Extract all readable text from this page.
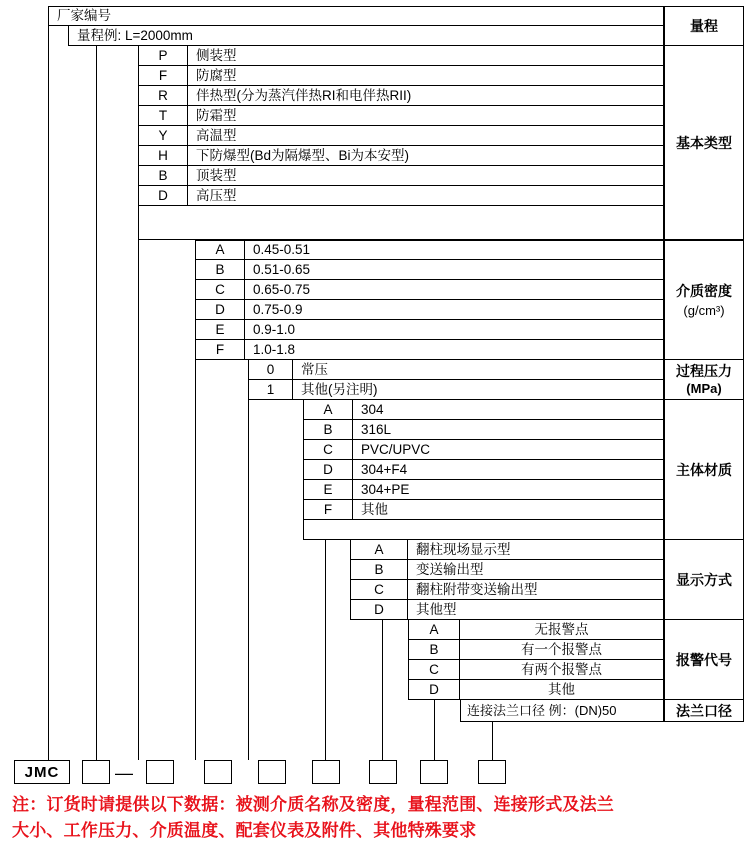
厂家编号
量程例: L=2000mm
量程
P 侧装型
F 防腐型
R 伴热型(分为蒸汽伴热RI和电伴热RII)
T 防霜型
Y 高温型
H 下防爆型(Bd为隔爆型、Bi为本安型)
B 顶装型
D 高压型
基本类型
A 0.45-0.51
B 0.51-0.65
C 0.65-0.75
D 0.75-0.9
E 0.9-1.0
F 1.0-1.8
介质密度
(g/cm³)
0 常压
1 其他(另注明)
过程压力
(MPa)
A 304
B 316L
C PVC/UPVC
D 304+F4
E 304+PE
F 其他
主体材质
A 翻柱现场显示型
B 变送输出型
C 翻柱附带变送输出型
D 其他型
显示方式
A	无报警点
B	有一个报警点
C	有两个报警点
D	其他
报警代号
连接法兰口径 例：(DN)50	法兰口径
JMC	—
注：订货时请提供以下数据：被测介质名称及密度，量程范围、连接形式及法兰
大小、工作压力、介质温度、配套仪表及附件、其他特殊要求
